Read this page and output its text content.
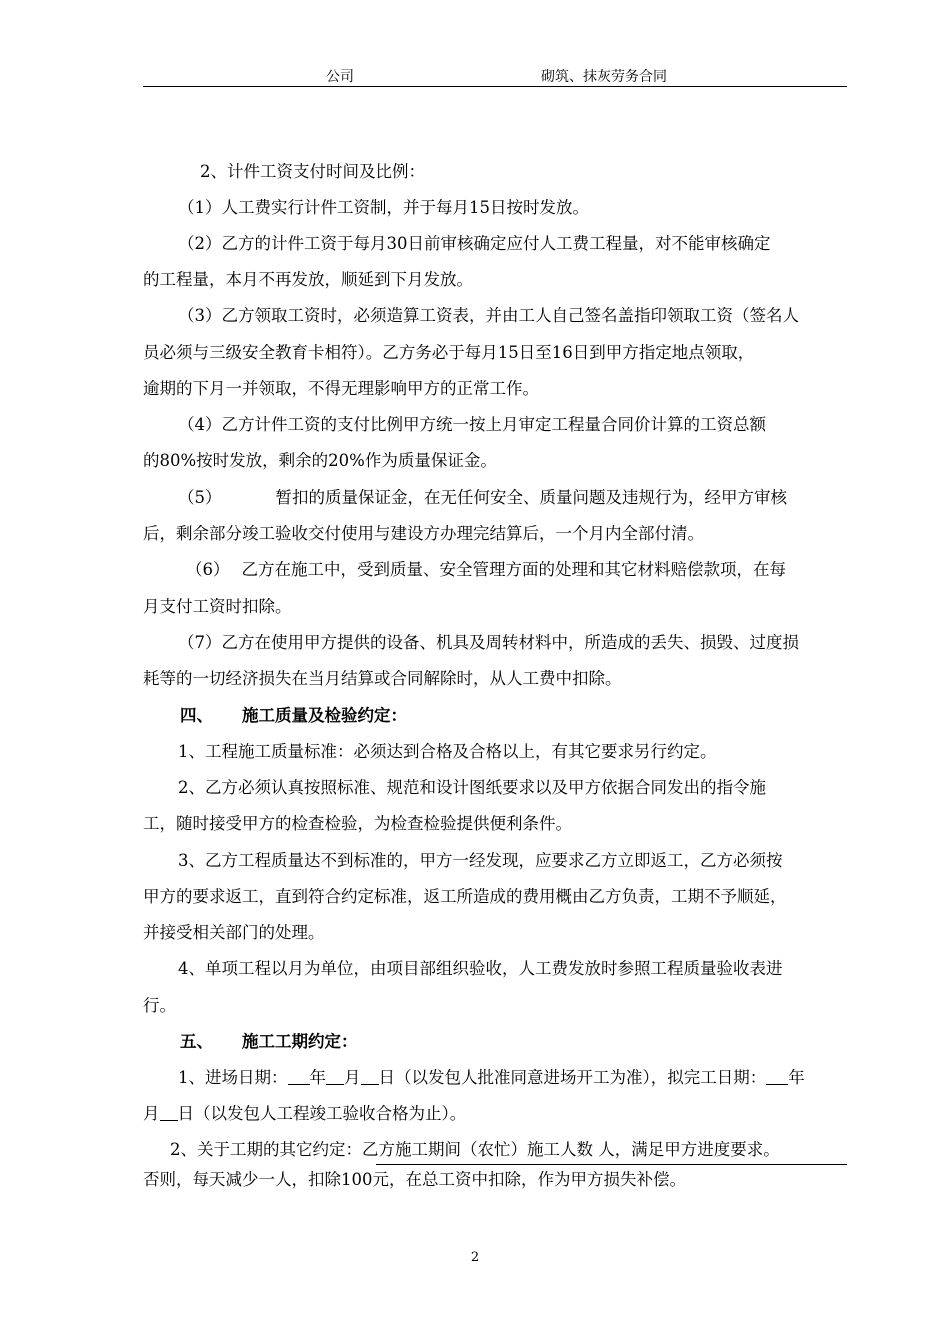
公司	砌筑、抹灰劳务合同
2、计件工资支付时间及比例：
（1）人工费实行计件工资制，并于每月15日按时发放。
（2）乙方的计件工资于每月30日前审核确定应付人工费工程量，对不能审核确定
的工程量，本月不再发放，顺延到下月发放。
（3）乙方领取工资时，必须造算工资表，并由工人自己签名盖指印领取工资（签名人
员必须与三级安全教育卡相符）。乙方务必于每月15日至16日到甲方指定地点领取，
逾期的下月一并领取，不得无理影响甲方的正常工作。
（4）乙方计件工资的支付比例甲方统一按上月审定工程量合同价计算的工资总额
的80%按时发放，剩余的20%作为质量保证金。
（5）	暂扣的质量保证金，在无任何安全、质量问题及违规行为，经甲方审核
后，剩余部分竣工验收交付使用与建设方办理完结算后，一个月内全部付清。
（6） 乙方在施工中，受到质量、安全管理方面的处理和其它材料赔偿款项，在每
月支付工资时扣除。
（7）乙方在使用甲方提供的设备、机具及周转材料中，所造成的丢失、损毁、过度损
耗等的一切经济损失在当月结算或合同解除时，从人工费中扣除。
四、 施工质量及检验约定：
1、工程施工质量标准：必须达到合格及合格以上，有其它要求另行约定。
2、乙方必须认真按照标准、规范和设计图纸要求以及甲方依据合同发出的指令施
工，随时接受甲方的检查检验，为检查检验提供便利条件。
3、乙方工程质量达不到标准的，甲方一经发现，应要求乙方立即返工，乙方必须按
甲方的要求返工，直到符合约定标准，返工所造成的费用概由乙方负责，工期不予顺延，
并接受相关部门的处理。
4、单项工程以月为单位，由项目部组织验收，人工费发放时参照工程质量验收表进
行。
五、 施工工期约定：
1、进场日期： 年 月 日（以发包人批准同意进场开工为准），拟完工日期： 年
月 日（以发包人工程竣工验收合格为止）。
2、关于工期的其它约定：乙方施工期间（农忙）施工人数 人，满足甲方进度要求。
否则，每天减少一人，扣除100元，在总工资中扣除，作为甲方损失补偿。
2
